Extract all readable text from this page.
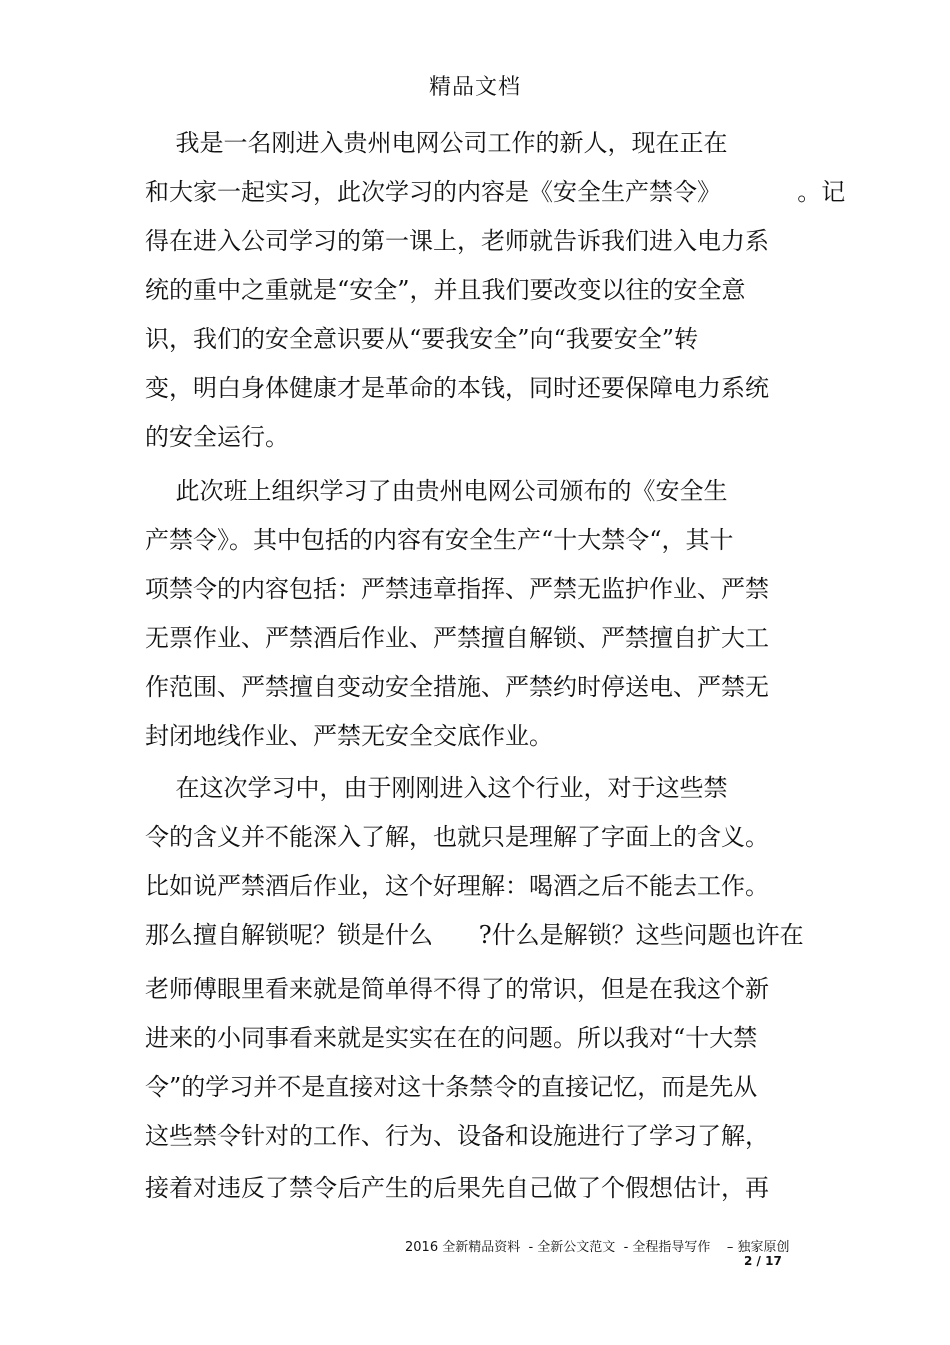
精品文档
我是一名刚进入贵州电网公司工作的新人，现在正在
和大家一起实习，此次学习的内容是《安全生产禁令》          。记
得在进入公司学习的第一课上，老师就告诉我们进入电力系
统的重中之重就是“安全”，并且我们要改变以往的安全意
识，我们的安全意识要从“要我安全”向“我要安全”转
变，明白身体健康才是革命的本钱，同时还要保障电力系统
的安全运行。
此次班上组织学习了由贵州电网公司颁布的《安全生
产禁令》。其中包括的内容有安全生产“十大禁令“，其十
项禁令的内容包括：严禁违章指挥、严禁无监护作业、严禁
无票作业、严禁酒后作业、严禁擅自解锁、严禁擅自扩大工
作范围、严禁擅自变动安全措施、严禁约时停送电、严禁无
封闭地线作业、严禁无安全交底作业。
在这次学习中，由于刚刚进入这个行业，对于这些禁
令的含义并不能深入了解，也就只是理解了字面上的含义。
比如说严禁酒后作业，这个好理解：喝酒之后不能去工作。
那么擅自解锁呢？锁是什么      ?什么是解锁？这些问题也许在
老师傅眼里看来就是简单得不得了的常识，但是在我这个新
进来的小同事看来就是实实在在的问题。所以我对“十大禁
令”的学习并不是直接对这十条禁令的直接记忆，而是先从
这些禁令针对的工作、行为、设备和设施进行了学习了解，
接着对违反了禁令后产生的后果先自己做了个假想估计，再
2016 全新精品资料  - 全新公文范文  - 全程指导写作    – 独家原创
2 / 17
